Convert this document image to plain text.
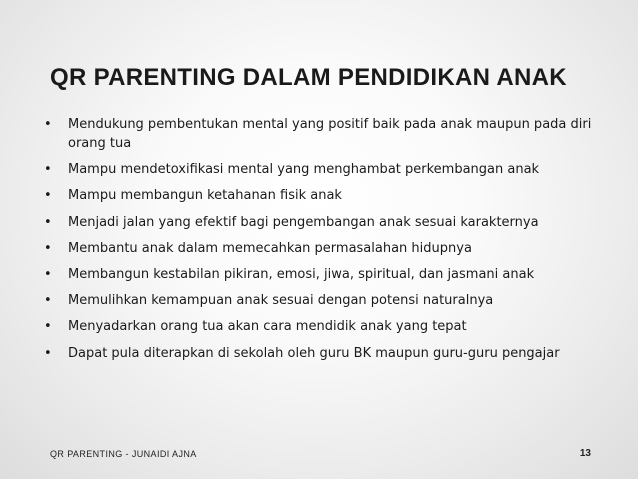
QR PARENTING DALAM PENDIDIKAN ANAK
• Mendukung pembentukan mental yang positif baik pada anak maupun pada diri orang tua
• Mampu mendetoxifikasi mental yang menghambat perkembangan anak
• Mampu membangun ketahanan fisik anak
• Menjadi jalan yang efektif bagi pengembangan anak sesuai karakternya
• Membantu anak dalam memecahkan permasalahan hidupnya
• Membangun kestabilan pikiran, emosi, jiwa, spiritual, dan jasmani anak
• Memulihkan kemampuan anak sesuai dengan potensi naturalnya
• Menyadarkan orang tua akan cara mendidik anak yang tepat
• Dapat pula diterapkan di sekolah oleh guru BK maupun guru-guru pengajar
QR PARENTING - JUNAIDI AJNA	13
